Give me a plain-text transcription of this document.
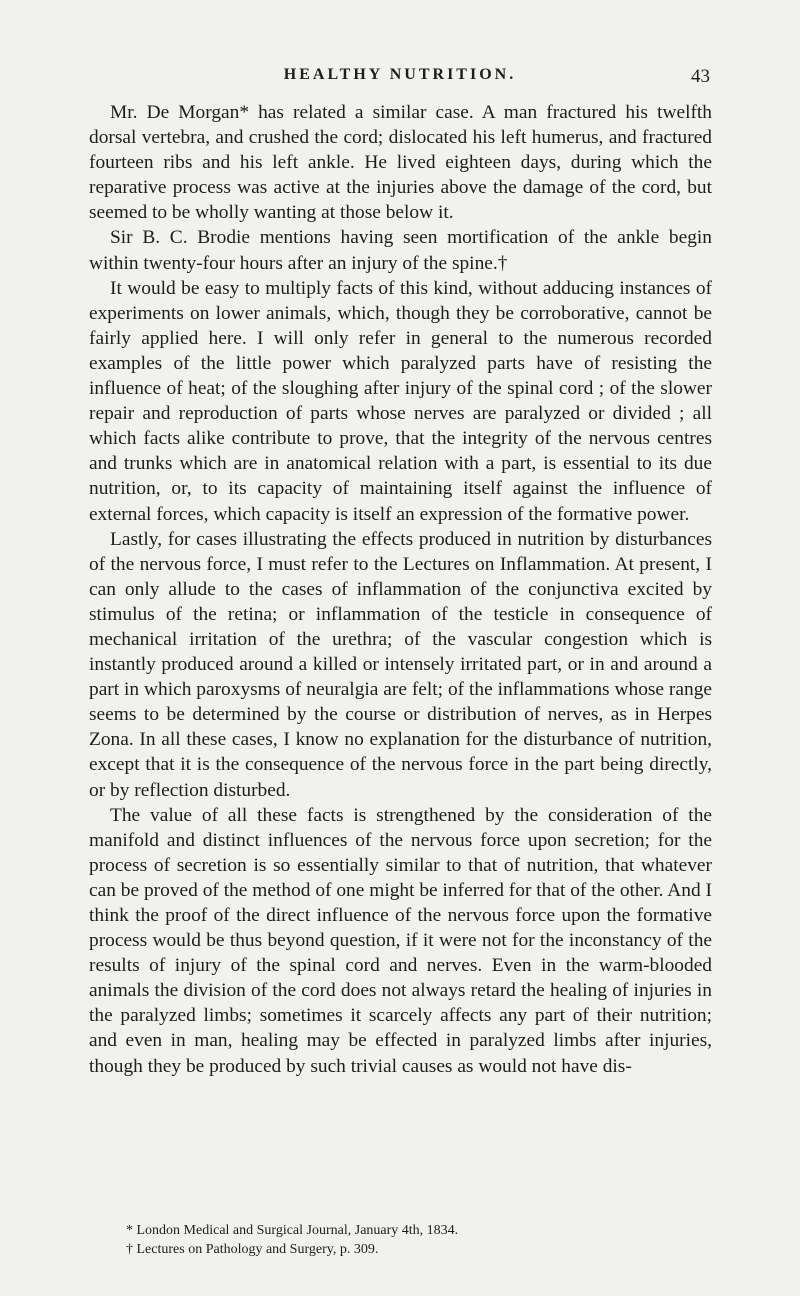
HEALTHY NUTRITION.	43

Mr. De Morgan* has related a similar case. A man fractured his twelfth dorsal vertebra, and crushed the cord; dislocated his left humerus, and fractured fourteen ribs and his left ankle. He lived eighteen days, during which the reparative process was active at the injuries above the damage of the cord, but seemed to be wholly wanting at those below it.

Sir B. C. Brodie mentions having seen mortification of the ankle begin within twenty-four hours after an injury of the spine.†

It would be easy to multiply facts of this kind, without adducing instances of experiments on lower animals, which, though they be corroborative, cannot be fairly applied here. I will only refer in general to the numerous recorded examples of the little power which paralyzed parts have of resisting the influence of heat; of the sloughing after injury of the spinal cord ; of the slower repair and reproduction of parts whose nerves are paralyzed or divided ; all which facts alike contribute to prove, that the integrity of the nervous centres and trunks which are in anatomical relation with a part, is essential to its due nutrition, or, to its capacity of maintaining itself against the influence of external forces, which capacity is itself an expression of the formative power.

Lastly, for cases illustrating the effects produced in nutrition by disturbances of the nervous force, I must refer to the Lectures on Inflammation. At present, I can only allude to the cases of inflammation of the conjunctiva excited by stimulus of the retina; or inflammation of the testicle in consequence of mechanical irritation of the urethra; of the vascular congestion which is instantly produced around a killed or intensely irritated part, or in and around a part in which paroxysms of neuralgia are felt; of the inflammations whose range seems to be determined by the course or distribution of nerves, as in Herpes Zona. In all these cases, I know no explanation for the disturbance of nutrition, except that it is the consequence of the nervous force in the part being directly, or by reflection disturbed.

The value of all these facts is strengthened by the consideration of the manifold and distinct influences of the nervous force upon secretion; for the process of secretion is so essentially similar to that of nutrition, that whatever can be proved of the method of one might be inferred for that of the other. And I think the proof of the direct influence of the nervous force upon the formative process would be thus beyond question, if it were not for the inconstancy of the results of injury of the spinal cord and nerves. Even in the warm-blooded animals the division of the cord does not always retard the healing of injuries in the paralyzed limbs; sometimes it scarcely affects any part of their nutrition; and even in man, healing may be effected in paralyzed limbs after injuries, though they be produced by such trivial causes as would not have dis-

* London Medical and Surgical Journal, January 4th, 1834.

† Lectures on Pathology and Surgery, p. 309.
